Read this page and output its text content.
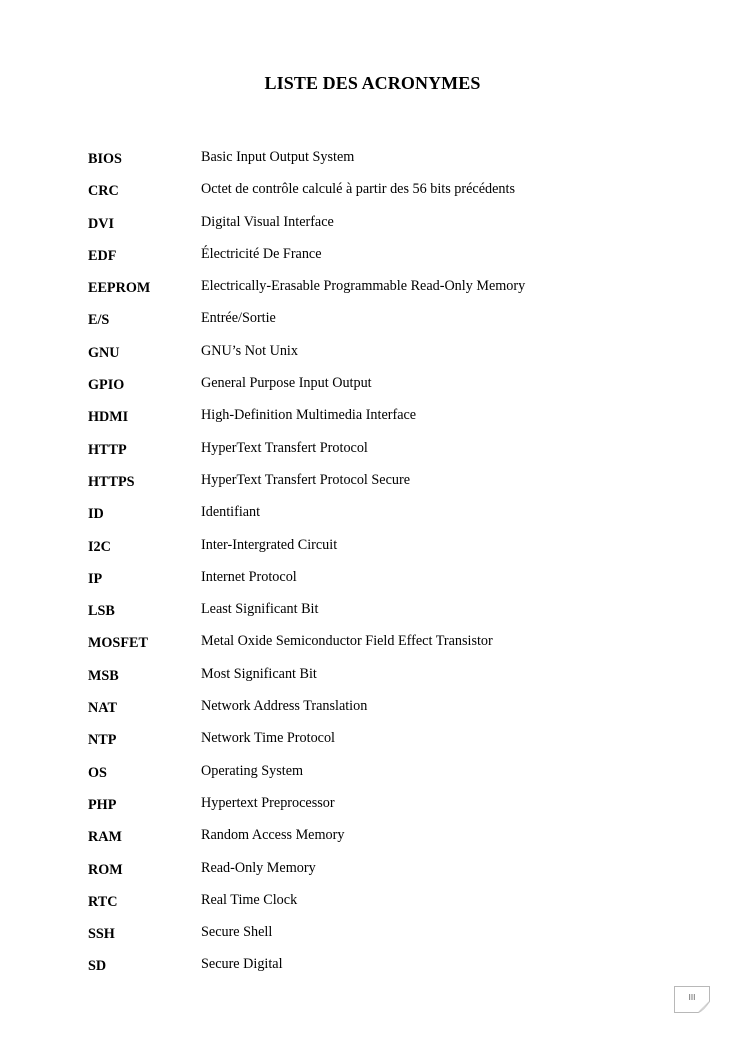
LISTE DES ACRONYMES
BIOS	Basic Input Output System
CRC	Octet de contrôle calculé à partir des 56 bits précédents
DVI	Digital Visual Interface
EDF	Électricité De France
EEPROM	Electrically-Erasable Programmable Read-Only Memory
E/S	Entrée/Sortie
GNU	GNU’s Not Unix
GPIO	General Purpose Input Output
HDMI	High-Definition Multimedia Interface
HTTP	HyperText Transfert Protocol
HTTPS	HyperText Transfert Protocol Secure
ID	Identifiant
I2C	Inter-Intergrated Circuit
IP	Internet Protocol
LSB	Least Significant Bit
MOSFET	Metal Oxide Semiconductor Field Effect Transistor
MSB	Most Significant Bit
NAT	Network Address Translation
NTP	Network Time Protocol
OS	Operating System
PHP	Hypertext Preprocessor
RAM	Random Access Memory
ROM	Read-Only Memory
RTC	Real Time Clock
SSH	Secure Shell
SD	Secure Digital
III
